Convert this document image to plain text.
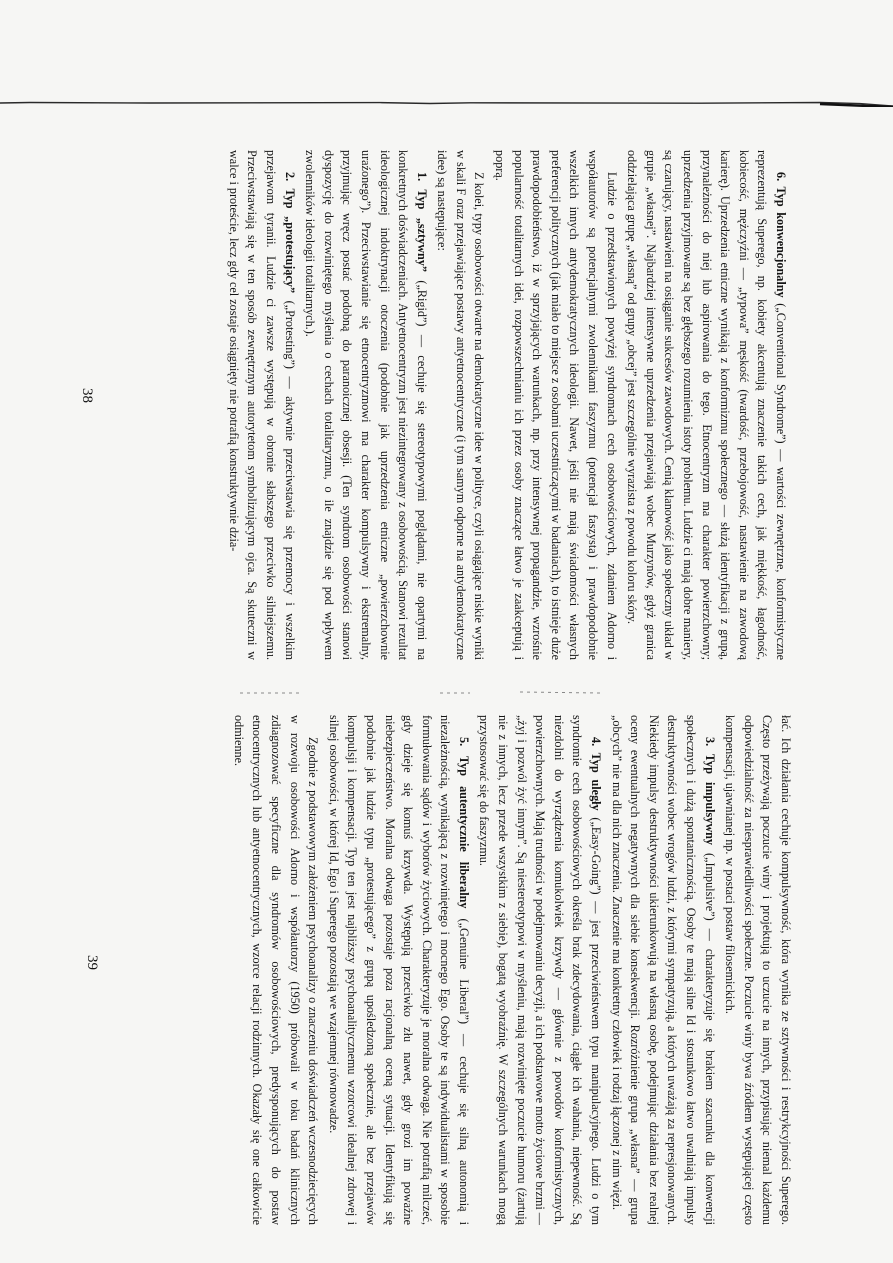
6. Typ konwencjonalny („Conventional Syndrome”) — wartości zewnętrzne, konformistyczne reprezentują Superego, np. kobiety akcentują znaczenie takich cech, jak miękkość, łagodność, kobiecość, mężczyźni — „typowa” męskość (twardość, przebojowość, nastawienie na zawodową karierę). Uprzedzenia etniczne wynikają z konformizmu społecznego — służą identyfikacji z grupą, przynależności do niej lub aspirowania do tego. Etnocentryzm ma charakter powierzchowny; uprzedzenia przyjmowane są bez głębszego rozumienia istoty problemu. Ludzie ci mają dobre maniery, są czarujący, nastawieni na osiąganie sukcesów zawodowych. Cenią klanowość jako społeczny układ w grupie „własnej”. Najbardziej intensywne uprzedzenia przejawiają wobec Murzynów, gdyż granica oddzielająca grupę „własną” od grupy „obcej” jest szczególnie wyrazista z powodu koloru skóry.

Ludzie o przedstawionych powyżej syndromach cech osobowościowych, zdaniem Adorno i współautorów są potencjalnymi zwolennikami faszyzmu (potencjał faszysta) i prawdopodobnie wszelkich innych antydemokratycznych ideologii. Nawet, jeśli nie mają świadomości własnych preferencji politycznych (jak miało to miejsce z osobami uczestniczącymi w badaniach), to istnieje duże prawdopodobieństwo, iż w sprzyjających warunkach, np. przy intensywnej propagandzie, wzrośnie popularność totalitarnych idei, rozpowszechnianiu ich przez osoby znaczące łatwo je zaakceptują i poprą.

Z kolei, typy osobowości otwarte na demokratyczne idee w polityce, czyli osiągające niskie wyniki w skali F oraz przejawiające postawy antyetnocentryczne (i tym samym odporne na antydemokratyczne idee) są następujące:

1. Typ „sztywny” („Rigid”) — cechuje się stereotypowymi poglądami, nie opartymi na konkretnych doświadczeniach. Antyetnocentryzm jest niezintegrowany z osobowością. Stanowi rezultat ideologicznej indoktrynacji otoczenia (podobnie jak uprzedzenia etniczne „powierzchownie uraźonego”). Przeciwstawianie się etnocentryzmowi ma charakter kompulsywny i ekstremalny, przyjmując wręcz postać podobną do paranoicznej obsesji. (Ten syndrom osobowości stanowi dyspozycję do rozwiniętego myślenia o cechach totalitaryzmu, o ile znajdzie się pod wpływem zwolenników ideologii totalitarnych.).

2. Typ „protestujący” („Protesting”) — aktywnie przeciwstawia się przemocy i wszelkim przejawom tyranii. Ludzie ci zawsze występują w obronie słabszego przeciwko silniejszemu. Przeciwstawiają się w ten sposób zewnętrznym autorytetom symbolizującym ojca. Są skuteczni w walce i proteście, lecz gdy cel zostaje osiągnięty nie potrafią konstruktywnie dzia-

38

łać. Ich działania cechuje kompulsywność, która wynika ze sztywności i restrykcyjności Superego. Często przeżywają poczucie winy i projektują to uczucie na innych, przypisując niemal każdemu odpowiedzialność za niesprawiedliwości społeczne. Poczucie winy bywa źródłem występującej często kompensacji, ujawnianej np. w postaci postaw filosemickich.

3. Typ impulsywny („Impulsive”) — charakteryzuje się brakiem szacunku dla konwencji społecznych i dużą spontanicznością. Osoby te mają silne Id i stosunkowo łatwo uwalniają impulsy destruktywności wobec wrogów ludzi, z którymi sympatyzują, a których uważają za represjonowanych. Niekiedy impulsy destruktywności ukierunkowują na własną osobę, podejmując działania bez realnej oceny ewentualnych negatywnych dla siebie konsekwencji. Rozróżnienie grupa „własna” — grupa „obcych” nie ma dla nich znaczenia. Znaczenie ma konkretny człowiek i rodzaj łączonej z nim więzi.

4. Typ uległy („Easy-Going”) — jest przeciwieństwem typu manipulacyjnego. Ludzi o tym syndromie cech osobowościowych określa brak zdecydowania, ciągłe ich wahania, niepewność. Są niezdolni do wyrządzenia komukolwiek krzywdy — głównie z powodów konformistycznych, powierzchownych. Mają trudności w podejmowaniu decyzji, a ich podstawowe motto życiowe brzmi — „żyj i pozwól żyć innym”. Są niestereotypowi w myśleniu, mają rozwinięte poczucie humoru (żartują nie z innych, lecz przede wszystkim z siebie), bogatą wyobraźnię. W szczególnych warunkach mogą przystosować się do faszyzmu.

5. Typ autentycznie liberalny („Genuine Liberal”) — cechuje się silną autonomią i niezależnością, wynikającą z rozwiniętego i mocnego Ego. Osoby te są indywidualistami w sposobie formułowania sądów i wyborów życiowych. Charakteryzuje je moralna odwaga. Nie potrafią milczeć, gdy dzieje się komuś krzywda. Występują przeciwko złu nawet, gdy grozi im poważne niebezpieczeństwo. Moralna odwaga pozostaje poza racjonalną oceną sytuacji. Identyfikują się podobnie jak ludzie typu „protestującego” z grupą upośledzoną społecznie, ale bez przejawów kompulsji i kompensacji. Typ ten jest najbliższy psychoanalitycznemu wzorcowi idealnej zdrowej i silnej osobowości, w której Id, Ego i Superego pozostają we wzajemnej równowadze.

Zgodnie z podstawowym założeniem psychoanalizy o znaczeniu doświadczeń wczesnodziecięcych w rozwoju osobowości Adorno i współautorzy (1950) próbowali w toku badań klinicznych zdiagnozować specyficzne dla syndromów osobowościowych, predysponujących do postaw etnocentrycznych lub antyetnocentrycznych, wzorce relacji rodzinnych. Okazały się one całkowicie odmienne.

39
